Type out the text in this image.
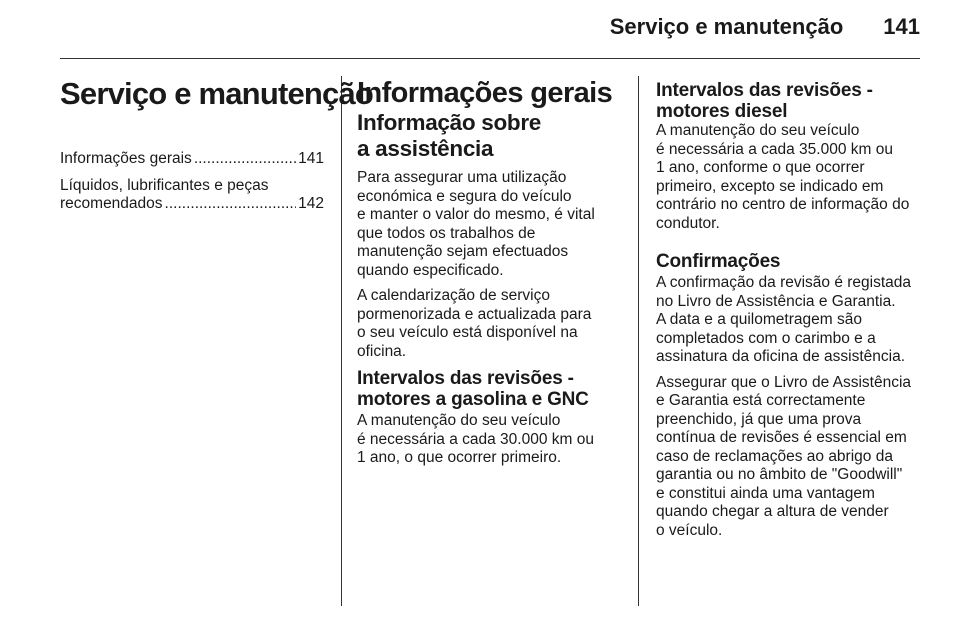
Serviço e manutenção 141
Serviço e manutenção
Informações gerais .....	141
Líquidos, lubrificantes e peças
recomendados .....	142
Informações gerais
Informação sobre
a assistência

Para assegurar uma utilização
económica e segura do veículo
e manter o valor do mesmo, é vital
que todos os trabalhos de
manutenção sejam efectuados
quando especificado.

A calendarização de serviço
pormenorizada e actualizada para
o seu veículo está disponível na
oficina.

Intervalos das revisões -
motores a gasolina e GNC

A manutenção do seu veículo
é necessária a cada 30.000 km ou
1 ano, o que ocorrer primeiro.

Intervalos das revisões -
motores diesel

A manutenção do seu veículo
é necessária a cada 35.000 km ou
1 ano, conforme o que ocorrer
primeiro, excepto se indicado em
contrário no centro de informação do
condutor.

Confirmações

A confirmação da revisão é registada
no Livro de Assistência e Garantia.
A data e a quilometragem são
completados com o carimbo e a
assinatura da oficina de assistência.

Assegurar que o Livro de Assistência
e Garantia está correctamente
preenchido, já que uma prova
contínua de revisões é essencial em
caso de reclamações ao abrigo da
garantia ou no âmbito de "Goodwill"
e constitui ainda uma vantagem
quando chegar a altura de vender
o veículo.
